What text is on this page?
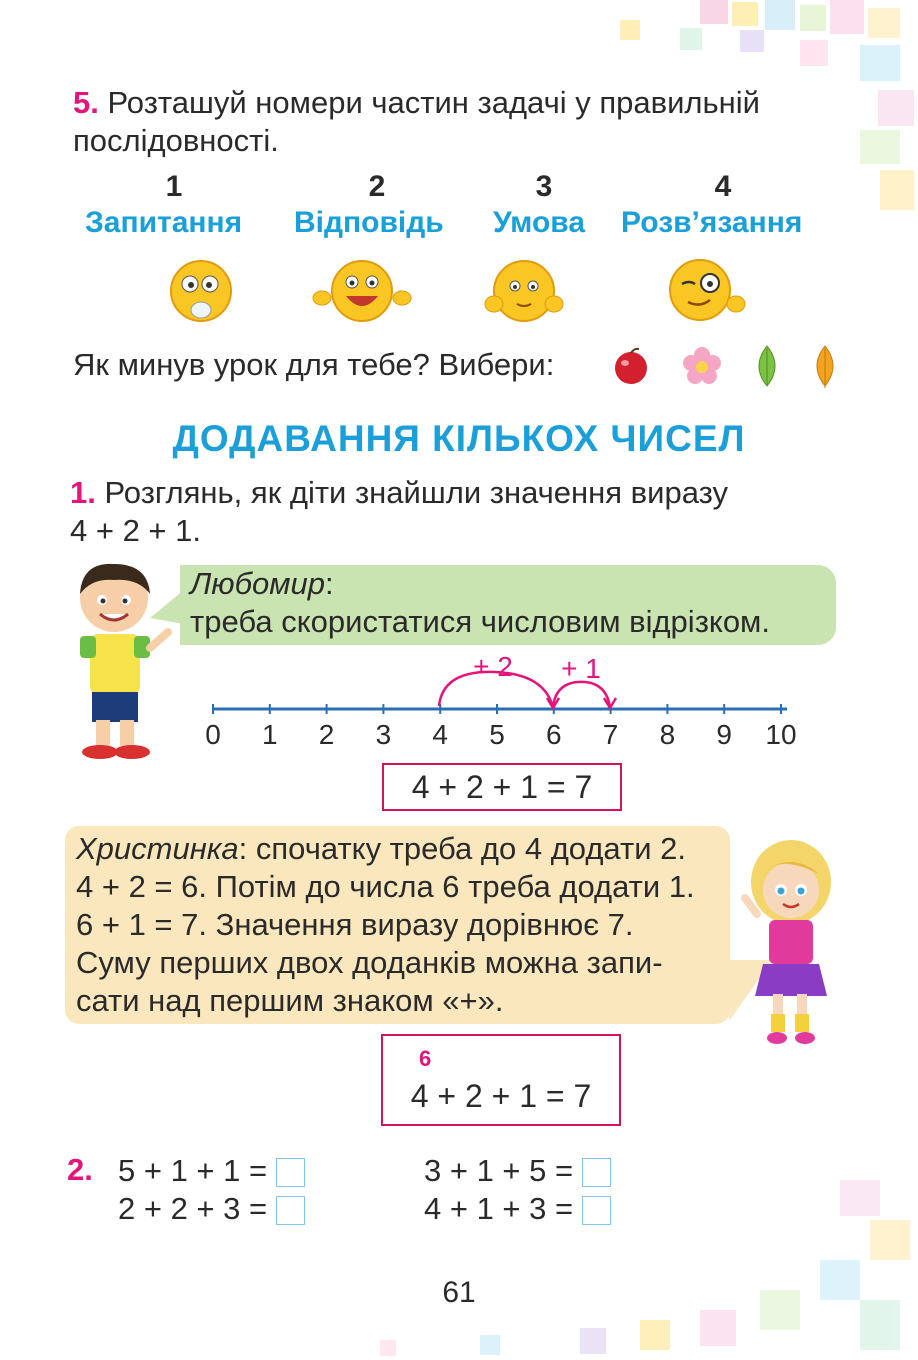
5. Розташуй номери частин задачі у правильній
послідовності.
1	2	3	4
Запитання Відповідь Умова Розв’язання
Як минув урок для тебе? Вибери:
ДОДАВАННЯ КІЛЬКОХ ЧИСЕЛ
1. Розглянь, як діти знайшли значення виразу
4 + 2 + 1.
Любомир:
треба скористатися числовим відрізком.
0 1 2 3 4 5 6 7 8 9 10
+ 2 + 1
4 + 2 + 1 = 7
Христинка: спочатку треба до 4 додати 2.
4 + 2 = 6. Потім до числа 6 треба додати 1.
6 + 1 = 7. Значення виразу дорівнює 7.
Суму перших двох доданків можна запи-
сати над першим знаком «+».
6
4 + 2 + 1 = 7
2. 5 + 1 + 1 =
2 + 2 + 3 =
3 + 1 + 5 =
4 + 1 + 3 =
61
